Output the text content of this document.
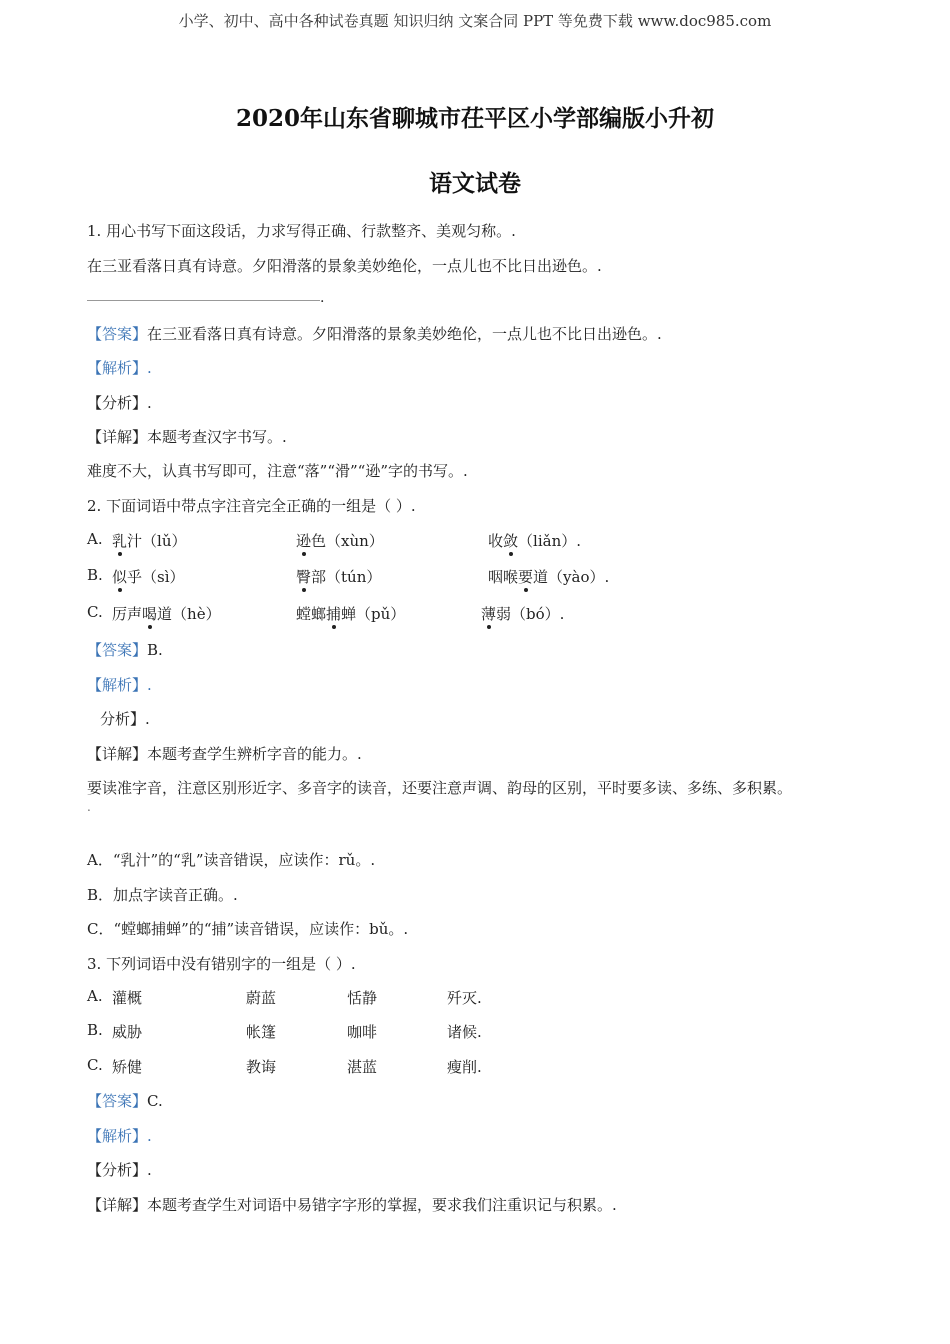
小学、初中、高中各种试卷真题 知识归纳 文案合同 PPT 等免费下载 www.doc985.com
2020年山东省聊城市茌平区小学部编版小升初
语文试卷
1. 用心书写下面这段话，力求写得正确、行款整齐、美观匀称。.
在三亚看落日真有诗意。夕阳滑落的景象美妙绝伦，一点儿也不比日出逊色。.
.
【答案】在三亚看落日真有诗意。夕阳滑落的景象美妙绝伦，一点儿也不比日出逊色。.
【解析】.
【分析】.
【详解】本题考查汉字书写。.
难度不大，认真书写即可，注意“落”“滑”“逊”字的书写。.
2. 下面词语中带点字注音完全正确的一组是（ ）.
A. 乳汁（lǔ）	逊色（xùn）	收敛（liǎn）.
B. 似乎（sì）	臀部（tún）	咽喉要道（yào）.
C. 厉声喝道（hè）	螳螂捕蝉（pǔ）	薄弱（bó）.
【答案】B.
【解析】.
分析】.
【详解】本题考查学生辨析字音的能力。.
要读准字音，注意区别形近字、多音字的读音，还要注意声调、韵母的区别，平时要多读、多练、多积累。
.
A．“乳汁”的“乳”读音错误，应读作：rǔ。.
B．加点字读音正确。.
C．“螳螂捕蝉”的“捕”读音错误，应读作：bǔ。.
3. 下列词语中没有错别字的一组是（ ）.
A. 灌概	蔚蓝	恬静	歼灭.
B. 威胁	帐篷	咖啡	诸候.
C. 矫健	教诲	湛蓝	瘦削.
【答案】C.
【解析】.
【分析】.
【详解】本题考查学生对词语中易错字字形的掌握，要求我们注重识记与积累。.
